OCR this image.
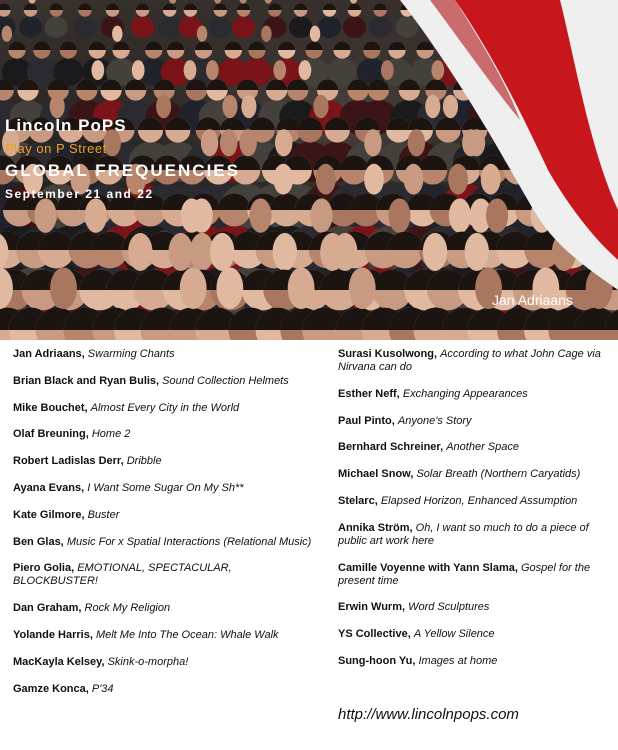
Lincoln PoPS
Play on P Street
GLOBAL FREQUENCIES
September 21 and 22
Jan Adriaans
Jan Adriaans, Swarming Chants
Brian Black and Ryan Bulis, Sound Collection Helmets
Mike Bouchet, Almost Every City in the World
Olaf Breuning, Home 2
Robert Ladislas Derr, Dribble
Ayana Evans, I Want Some Sugar On My Sh**
Kate Gilmore, Buster
Ben Glas, Music For x Spatial Interactions (Relational Music)
Piero Golia, EMOTIONAL, SPECTACULAR, BLOCKBUSTER!
Dan Graham, Rock My Religion
Yolande Harris, Melt Me Into The Ocean: Whale Walk
MacKayla Kelsey, Skink-o-morpha!
Gamze Konca, P'34
Surasi Kusolwong, According to what John Cage via Nirvana can do
Esther Neff, Exchanging Appearances
Paul Pinto, Anyone's Story
Bernhard Schreiner, Another Space
Michael Snow, Solar Breath (Northern Caryatids)
Stelarc, Elapsed Horizon, Enhanced Assumption
Annika Ström, Oh, I want so much to do a piece of public art work here
Camille Voyenne with Yann Slama, Gospel for the present time
Erwin Wurm, Word Sculptures
YS Collective, A Yellow Silence
Sung-hoon Yu, Images at home
http://www.lincolnpops.com
